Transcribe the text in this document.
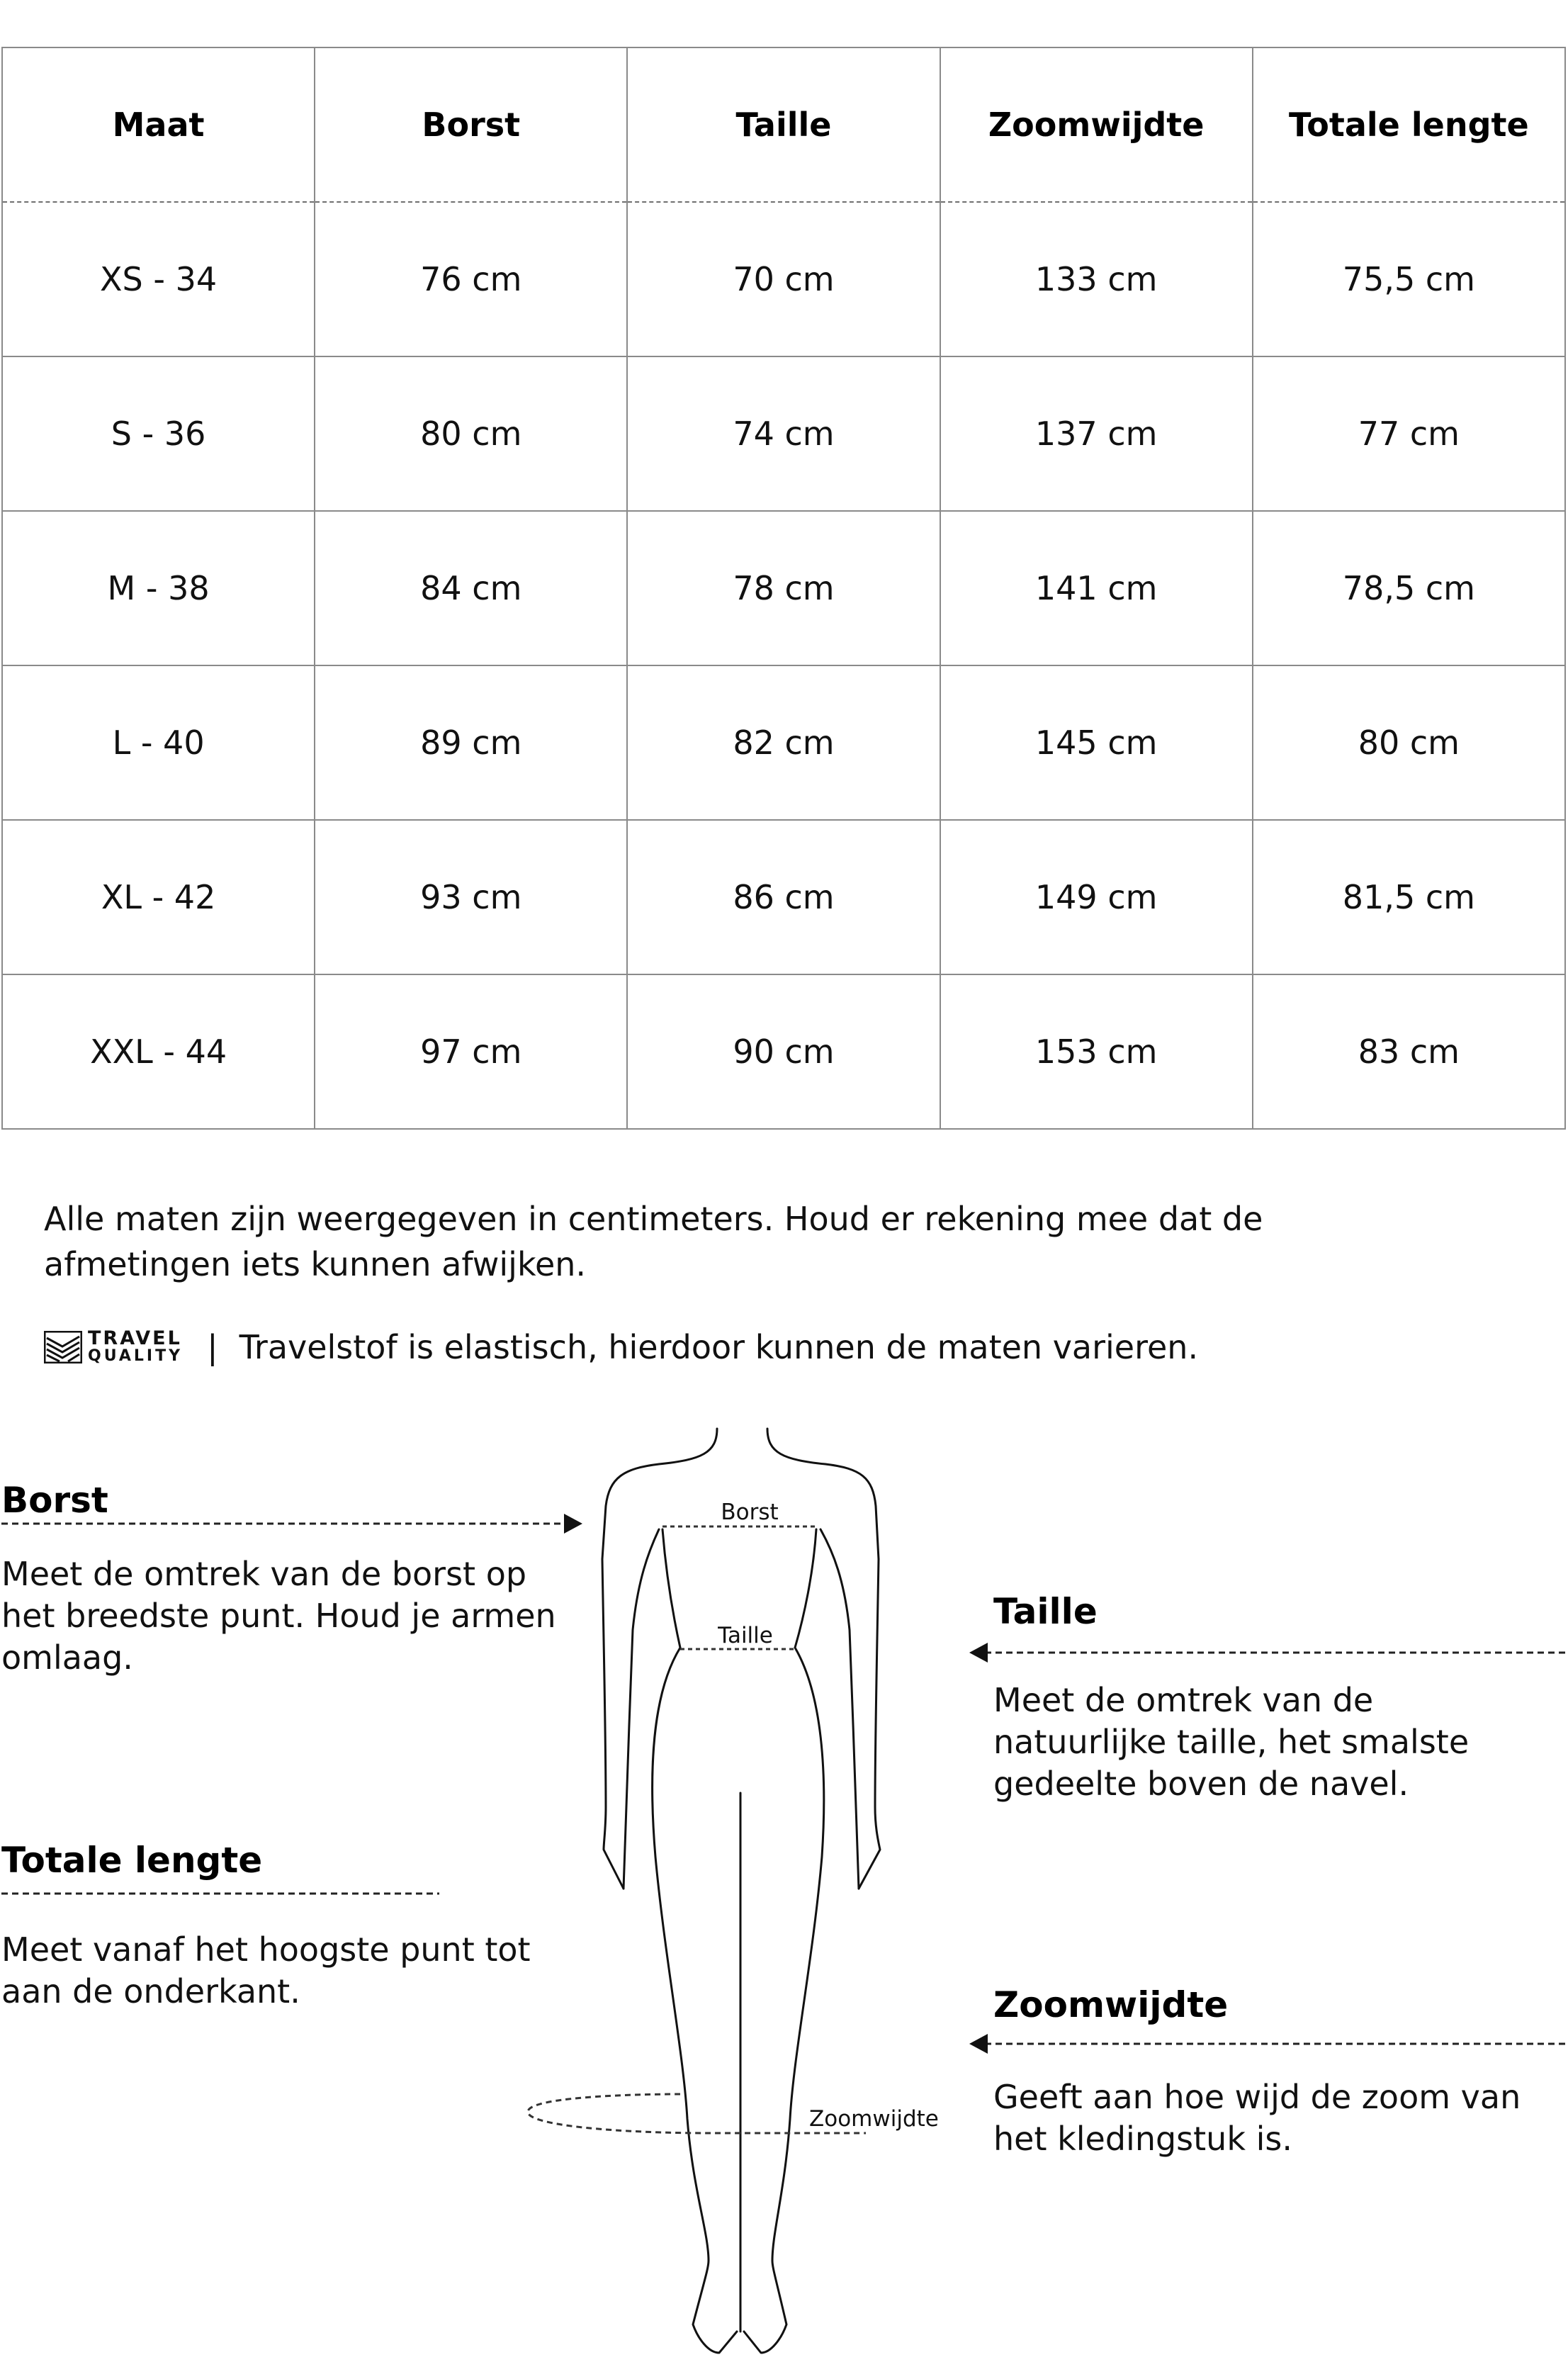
Maat	Borst	Taille	Zoomwijdte	Totale lengte
XS - 34	76 cm	70 cm	133 cm	75,5 cm
S - 36	80 cm	74 cm	137 cm	77 cm
M - 38	84 cm	78 cm	141 cm	78,5 cm
L - 40	89 cm	82 cm	145 cm	80 cm
XL - 42	93 cm	86 cm	149 cm	81,5 cm
XXL - 44	97 cm	90 cm	153 cm	83 cm
Alle maten zijn weergegeven in centimeters. Houd er rekening mee dat de
afmetingen iets kunnen afwijken.
TRAVEL
QUALITY | Travelstof is elastisch, hierdoor kunnen de maten varieren.
Borst
Meet de omtrek van de borst op
het breedste punt. Houd je armen
omlaag.
Totale lengte
Meet vanaf het hoogste punt tot
aan de onderkant.
Taille
Meet de omtrek van de
natuurlijke taille, het smalste
gedeelte boven de navel.
Zoomwijdte
Geeft aan hoe wijd de zoom van
het kledingstuk is.
Borst
Taille
Zoomwijdte
